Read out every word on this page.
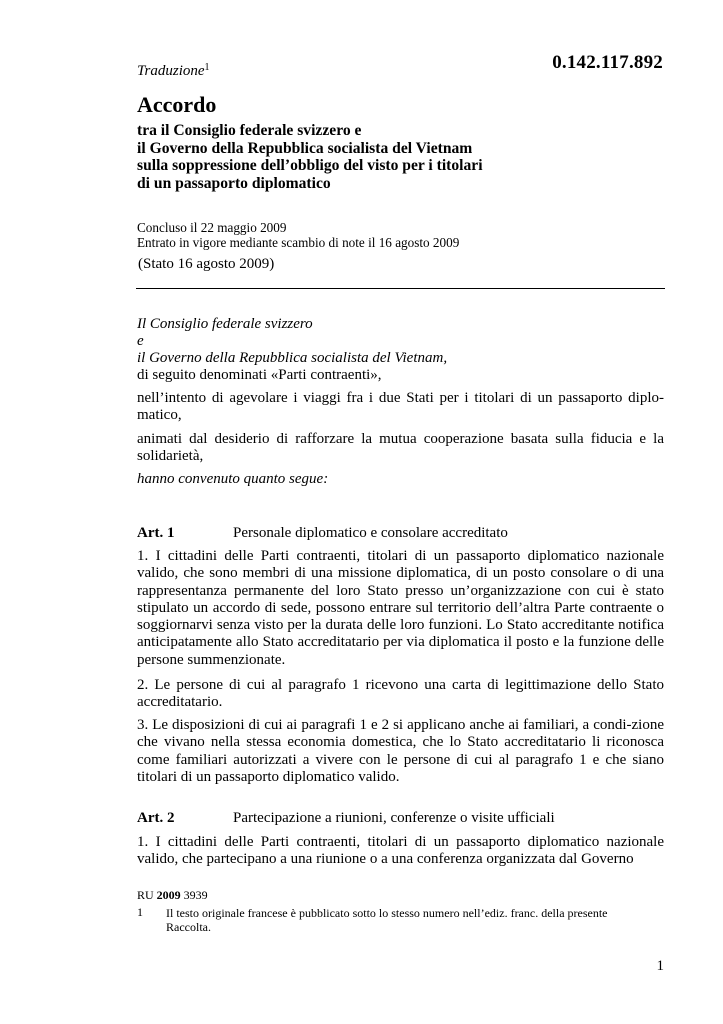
Traduzione$^1$	0.142.117.892
Accordo
tra il Consiglio federale svizzero e
il Governo della Repubblica socialista del Vietnam
sulla soppressione dell’obbligo del visto per i titolari
di un passaporto diplomatico
Concluso il 22 maggio 2009
Entrato in vigore mediante scambio di note il 16 agosto 2009
(Stato 16 agosto 2009)
Il Consiglio federale svizzero
e
il Governo della Repubblica socialista del Vietnam,
di seguito denominati «Parti contraenti»,
nell’intento di agevolare i viaggi fra i due Stati per i titolari di un passaporto diplo-matico,
animati dal desiderio di rafforzare la mutua cooperazione basata sulla fiducia e la solidarietà,
hanno convenuto quanto segue:
Art. 1	Personale diplomatico e consolare accreditato
1. I cittadini delle Parti contraenti, titolari di un passaporto diplomatico nazionale valido, che sono membri di una missione diplomatica, di un posto consolare o di una rappresentanza permanente del loro Stato presso un’organizzazione con cui è stato stipulato un accordo di sede, possono entrare sul territorio dell’altra Parte contraente o soggiornarvi senza visto per la durata delle loro funzioni. Lo Stato accreditante notifica anticipatamente allo Stato accreditatario per via diplomatica il posto e la funzione delle persone summenzionate.
2. Le persone di cui al paragrafo 1 ricevono una carta di legittimazione dello Stato accreditatario.
3. Le disposizioni di cui ai paragrafi 1 e 2 si applicano anche ai familiari, a condi-zione che vivano nella stessa economia domestica, che lo Stato accreditatario li riconosca come familiari autorizzati a vivere con le persone di cui al paragrafo 1 e che siano titolari di un passaporto diplomatico valido.
Art. 2	Partecipazione a riunioni, conferenze o visite ufficiali
1. I cittadini delle Parti contraenti, titolari di un passaporto diplomatico nazionale valido, che partecipano a una riunione o a una conferenza organizzata dal Governo
RU 2009 3939
1 Il testo originale francese è pubblicato sotto lo stesso numero nell’ediz. franc. della presente Raccolta.
1
